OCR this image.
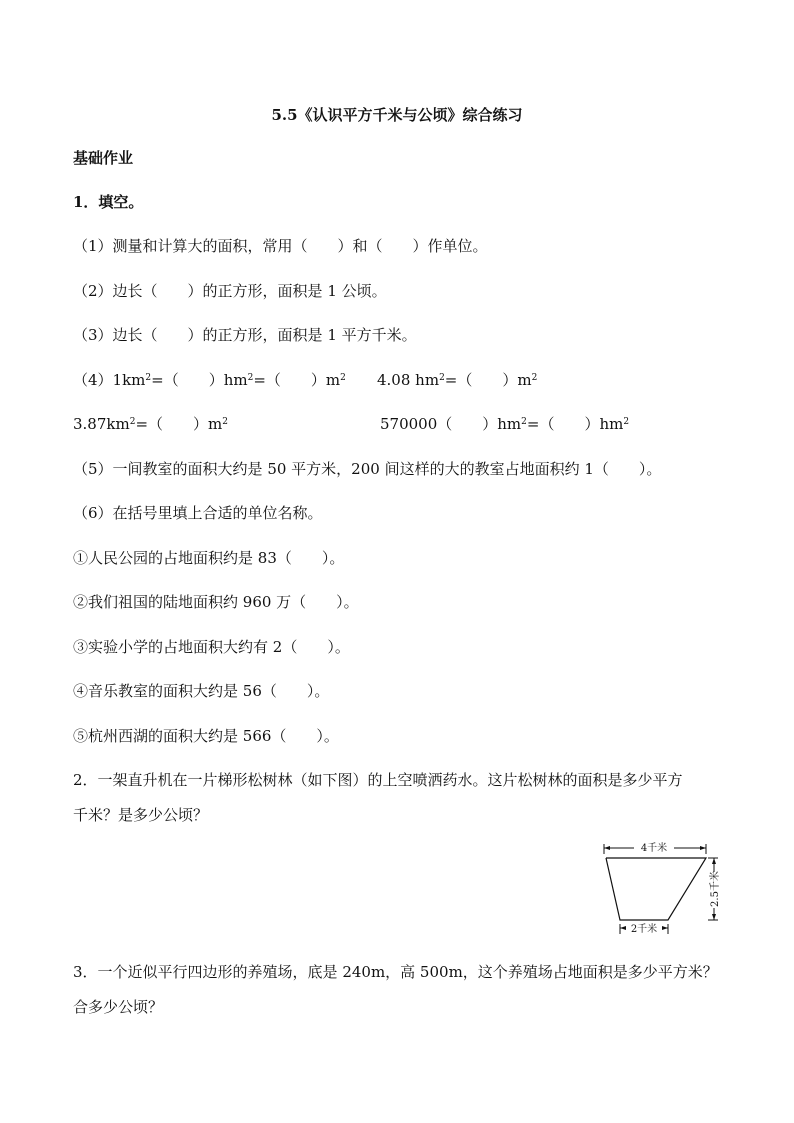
5.5《认识平方千米与公顷》综合练习
基础作业
1．填空。
（1）测量和计算大的面积，常用（　　）和（　　）作单位。
（2）边长（　　）的正方形，面积是 1 公顷。
（3）边长（　　）的正方形，面积是 1 平方千米。
$(4)1km^2=$（　　）$hm^2=$（　　）$m^2$ 4.08 $hm^2=$（　　）$m^2$
$3.87km^2=$（　　）$m^2$	570000（　　）$hm^2=$（　　）$hm^2$
（5）一间教室的面积大约是 50 平方米，200 间这样的大的教室占地面积约 1（　　）。
（6）在括号里填上合适的单位名称。
①人民公园的占地面积约是 83（　　）。
②我们祖国的陆地面积约 960 万（　　）。
③实验小学的占地面积大约有 2（　　）。
④音乐教室的面积大约是 56（　　）。
⑤杭州西湖的面积大约是 566（　　）。
2．一架直升机在一片梯形松树林（如下图）的上空喷洒药水。这片松树林的面积是多少平方
千米？是多少公顷？
4千米
2.5千米
2千米
3．一个近似平行四边形的养殖场，底是 240m，高 500m，这个养殖场占地面积是多少平方米？
合多少公顷？
